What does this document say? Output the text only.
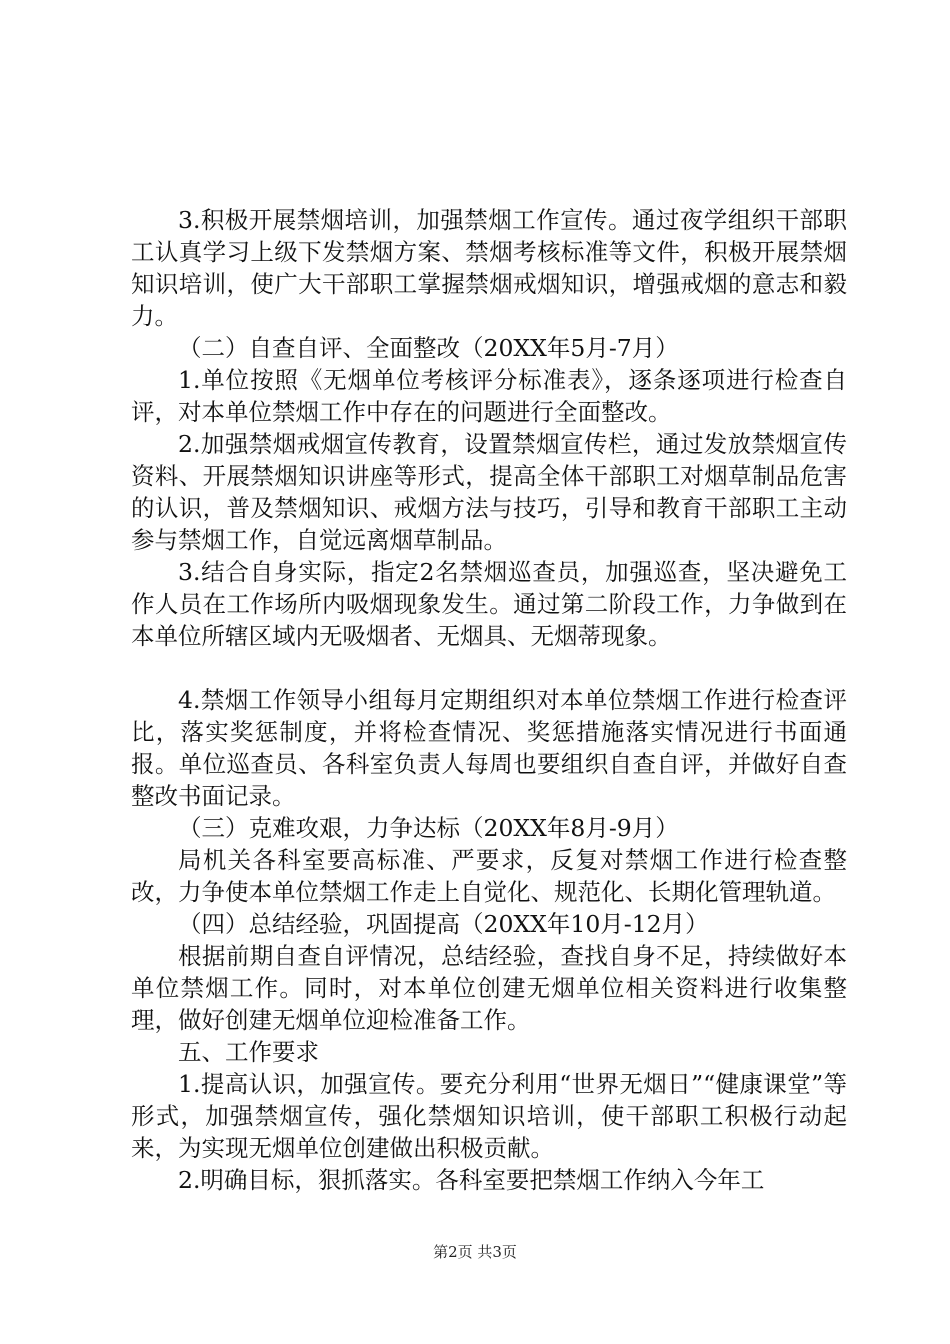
3.积极开展禁烟培训，加强禁烟工作宣传。通过夜学组织干部职工认真学习上级下发禁烟方案、禁烟考核标准等文件，积极开展禁烟知识培训，使广大干部职工掌握禁烟戒烟知识，增强戒烟的意志和毅力。

（二）自查自评、全面整改（20XX年5月-7月）

1.单位按照《无烟单位考核评分标准表》，逐条逐项进行检查自评，对本单位禁烟工作中存在的问题进行全面整改。

2.加强禁烟戒烟宣传教育，设置禁烟宣传栏，通过发放禁烟宣传资料、开展禁烟知识讲座等形式，提高全体干部职工对烟草制品危害的认识，普及禁烟知识、戒烟方法与技巧，引导和教育干部职工主动参与禁烟工作，自觉远离烟草制品。

3.结合自身实际，指定2名禁烟巡查员，加强巡查，坚决避免工作人员在工作场所内吸烟现象发生。通过第二阶段工作，力争做到在本单位所辖区域内无吸烟者、无烟具、无烟蒂现象。

4.禁烟工作领导小组每月定期组织对本单位禁烟工作进行检查评比，落实奖惩制度，并将检查情况、奖惩措施落实情况进行书面通报。单位巡查员、各科室负责人每周也要组织自查自评，并做好自查整改书面记录。

（三）克难攻艰，力争达标（20XX年8月-9月）

局机关各科室要高标准、严要求，反复对禁烟工作进行检查整改，力争使本单位禁烟工作走上自觉化、规范化、长期化管理轨道。

（四）总结经验，巩固提高（20XX年10月-12月）

根据前期自查自评情况，总结经验，查找自身不足，持续做好本单位禁烟工作。同时，对本单位创建无烟单位相关资料进行收集整理，做好创建无烟单位迎检准备工作。

五、工作要求

1.提高认识，加强宣传。要充分利用“世界无烟日”“健康课堂”等形式，加强禁烟宣传，强化禁烟知识培训，使干部职工积极行动起来，为实现无烟单位创建做出积极贡献。

2.明确目标，狠抓落实。各科室要把禁烟工作纳入今年工

第2页 共3页
